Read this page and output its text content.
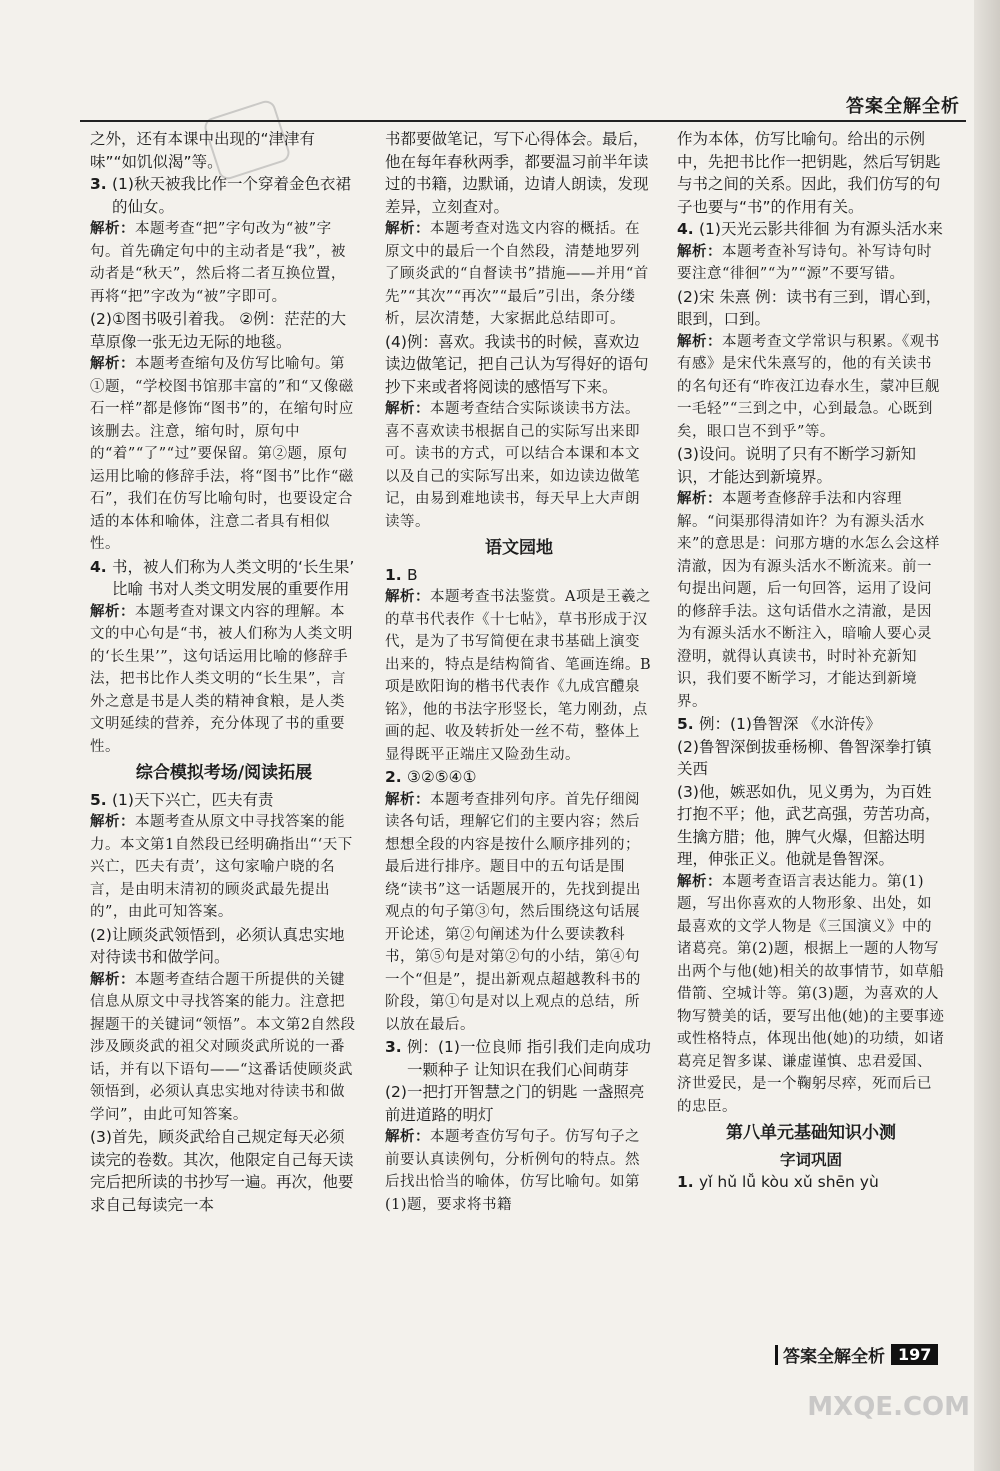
答案全解全析

之外，还有本课中出现的“津津有味”“如饥似渴”等。

3. (1)秋天被我比作一个穿着金色衣裙的仙女。

解析：本题考查“把”字句改为“被”字句。首先确定句中的主动者是“我”，被动者是“秋天”，然后将二者互换位置，再将“把”字改为“被”字即可。

(2)①图书吸引着我。 ②例：茫茫的大草原像一张无边无际的地毯。

解析：本题考查缩句及仿写比喻句。第①题，“学校图书馆那丰富的”和“又像磁石一样”都是修饰“图书”的，在缩句时应该删去。注意，缩句时，原句中的“着”“了”“过”要保留。第②题，原句运用比喻的修辞手法，将“图书”比作“磁石”，我们在仿写比喻句时，也要设定合适的本体和喻体，注意二者具有相似性。

4. 书，被人们称为人类文明的‘长生果’ 比喻 书对人类文明发展的重要作用

解析：本题考查对课文内容的理解。本文的中心句是“书，被人们称为人类文明的‘长生果’”，这句话运用比喻的修辞手法，把书比作人类文明的“长生果”，言外之意是书是人类的精神食粮，是人类文明延续的营养，充分体现了书的重要性。

综合模拟考场/阅读拓展
5. (1)天下兴亡，匹夫有责

解析：本题考查从原文中寻找答案的能力。本文第1自然段已经明确指出“‘天下兴亡，匹夫有责’，这句家喻户晓的名言，是由明末清初的顾炎武最先提出的”，由此可知答案。

(2)让顾炎武领悟到，必须认真忠实地对待读书和做学问。

解析：本题考查结合题干所提供的关键信息从原文中寻找答案的能力。注意把握题干的关键词“领悟”。本文第2自然段涉及顾炎武的祖父对顾炎武所说的一番话，并有以下语句——“这番话使顾炎武领悟到，必须认真忠实地对待读书和做学问”，由此可知答案。

(3)首先，顾炎武给自己规定每天必须读完的卷数。其次，他限定自己每天读完后把所读的书抄写一遍。再次，他要求自己每读完一本

书都要做笔记，写下心得体会。最后，他在每年春秋两季，都要温习前半年读过的书籍，边默诵，边请人朗读，发现差异，立刻查对。

解析：本题考查对选文内容的概括。在原文中的最后一个自然段，清楚地罗列了顾炎武的“自督读书”措施——并用“首先”“其次”“再次”“最后”引出，条分缕析，层次清楚，大家据此总结即可。

(4)例：喜欢。我读书的时候，喜欢边读边做笔记，把自己认为写得好的语句抄下来或者将阅读的感悟写下来。

解析：本题考查结合实际谈读书方法。喜不喜欢读书根据自己的实际写出来即可。读书的方式，可以结合本课和本文以及自己的实际写出来，如边读边做笔记，由易到难地读书，每天早上大声朗读等。

语文园地
1. B

解析：本题考查书法鉴赏。A项是王羲之的草书代表作《十七帖》，草书形成于汉代，是为了书写简便在隶书基础上演变出来的，特点是结构简省、笔画连绵。B项是欧阳询的楷书代表作《九成宫醴泉铭》，他的书法字形竖长，笔力刚劲，点画的起、收及转折处一丝不苟，整体上显得既平正端庄又险劲生动。

2. ③②⑤④①

解析：本题考查排列句序。首先仔细阅读各句话，理解它们的主要内容；然后想想全段的内容是按什么顺序排列的；最后进行排序。题目中的五句话是围绕“读书”这一话题展开的，先找到提出观点的句子第③句，然后围绕这句话展开论述，第②句阐述为什么要读教科书，第⑤句是对第②句的小结，第④句一个“但是”，提出新观点超越教科书的阶段，第①句是对以上观点的总结，所以放在最后。

3. 例：(1)一位良师 指引我们走向成功 一颗种子 让知识在我们心间萌芽

(2)一把打开智慧之门的钥匙 一盏照亮前进道路的明灯

解析：本题考查仿写句子。仿写句子之前要认真读例句，分析例句的特点。然后找出恰当的喻体，仿写比喻句。如第(1)题，要求将书籍

作为本体，仿写比喻句。给出的示例中，先把书比作一把钥匙，然后写钥匙与书之间的关系。因此，我们仿写的句子也要与“书”的作用有关。

4. (1)天光云影共徘徊 为有源头活水来

解析：本题考查补写诗句。补写诗句时要注意“徘徊”“为”“源”不要写错。

(2)宋 朱熹 例：读书有三到，谓心到，眼到，口到。

解析：本题考查文学常识与积累。《观书有感》是宋代朱熹写的，他的有关读书的名句还有“昨夜江边春水生，蒙冲巨舰一毛轻”“三到之中，心到最急。心既到矣，眼口岂不到乎”等。

(3)设问。说明了只有不断学习新知识，才能达到新境界。

解析：本题考查修辞手法和内容理解。“问渠那得清如许？为有源头活水来”的意思是：问那方塘的水怎么会这样清澈，因为有源头活水不断流来。前一句提出问题，后一句回答，运用了设问的修辞手法。这句话借水之清澈，是因为有源头活水不断注入，暗喻人要心灵澄明，就得认真读书，时时补充新知识，我们要不断学习，才能达到新境界。

5. 例：(1)鲁智深 《水浒传》

(2)鲁智深倒拔垂杨柳、鲁智深拳打镇关西

(3)他，嫉恶如仇，见义勇为，为百姓打抱不平；他，武艺高强，劳苦功高，生擒方腊；他，脾气火爆，但豁达明理，伸张正义。他就是鲁智深。

解析：本题考查语言表达能力。第(1)题，写出你喜欢的人物形象、出处，如最喜欢的文学人物是《三国演义》中的诸葛亮。第(2)题，根据上一题的人物写出两个与他(她)相关的故事情节，如草船借箭、空城计等。第(3)题，为喜欢的人物写赞美的话，要写出他(她)的主要事迹或性格特点，体现出他(她)的功绩，如诸葛亮足智多谋、谦虚谨慎、忠君爱国、济世爱民，是一个鞠躬尽瘁，死而后已的忠臣。

第八单元基础知识小测
字词巩固
1. yǐ hǔ lǚ kòu xǔ shēn yù
答案全解全析 197
MXQE.COM
